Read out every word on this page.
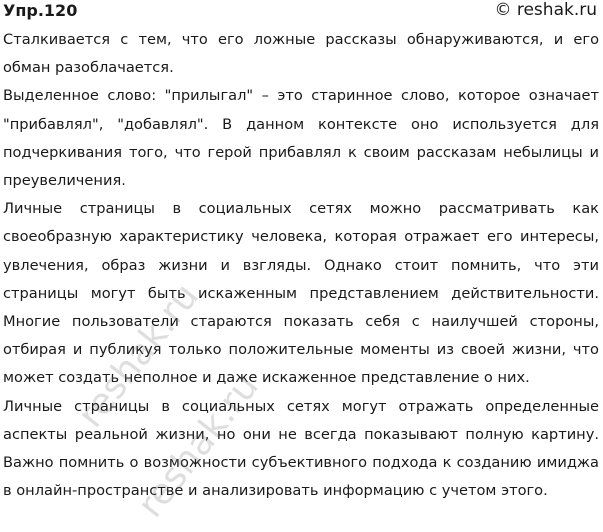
Упр.120	© reshak.ru

Сталкивается с тем, что его ложные рассказы обнаруживаются, и его обман разоблачается.

Выделенное слово: "прилыгал" – это старинное слово, которое означает "прибавлял", "добавлял". В данном контексте оно используется для подчеркивания того, что герой прибавлял к своим рассказам небылицы и преувеличения.

Личные страницы в социальных сетях можно рассматривать как своеобразную характеристику человека, которая отражает его интересы, увлечения, образ жизни и взгляды. Однако стоит помнить, что эти страницы могут быть искаженным представлением действительности. Многие пользователи стараются показать себя с наилучшей стороны, отбирая и публикуя только положительные моменты из своей жизни, что может создать неполное и даже искаженное представление о них.

Личные страницы в социальных сетях могут отражать определенные аспекты реальной жизни, но они не всегда показывают полную картину. Важно помнить о возможности субъективного подхода к созданию имиджа в онлайн-пространстве и анализировать информацию с учетом этого.

reshak.ru
reshak.ru
